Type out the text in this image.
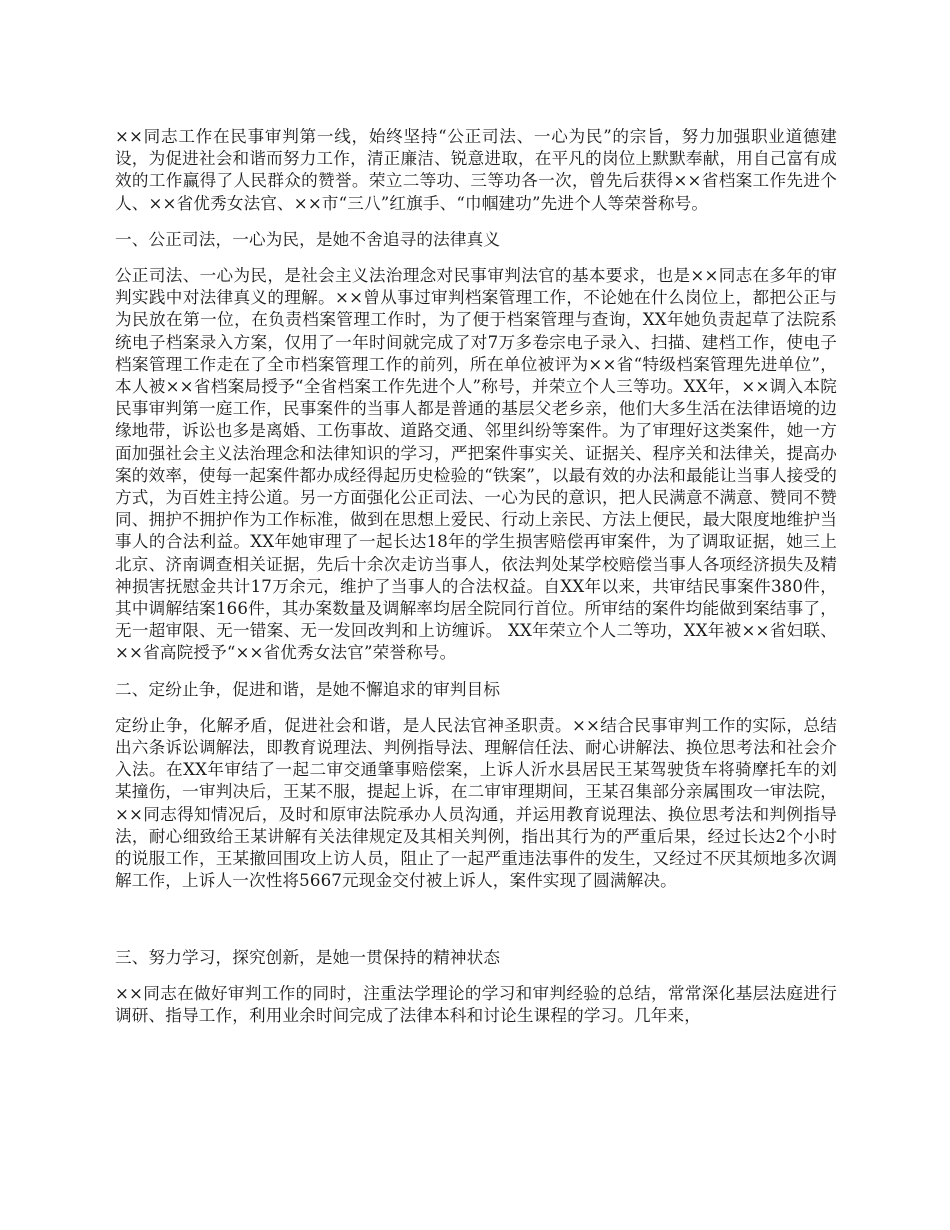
××同志工作在民事审判第一线，始终坚持“公正司法、一心为民”的宗旨，努力加强职业道德建设，为促进社会和谐而努力工作，清正廉洁、锐意进取，在平凡的岗位上默默奉献，用自己富有成效的工作赢得了人民群众的赞誉。荣立二等功、三等功各一次，曾先后获得××省档案工作先进个人、××省优秀女法官、××市“三八”红旗手、“巾帼建功”先进个人等荣誉称号。

一、公正司法，一心为民，是她不舍追寻的法律真义

公正司法、一心为民，是社会主义法治理念对民事审判法官的基本要求，也是××同志在多年的审判实践中对法律真义的理解。××曾从事过审判档案管理工作，不论她在什么岗位上，都把公正与为民放在第一位，在负责档案管理工作时，为了便于档案管理与查询，XX年她负责起草了法院系统电子档案录入方案，仅用了一年时间就完成了对7万多卷宗电子录入、扫描、建档工作，使电子档案管理工作走在了全市档案管理工作的前列，所在单位被评为××省“特级档案管理先进单位”，本人被××省档案局授予“全省档案工作先进个人”称号，并荣立个人三等功。XX年，××调入本院民事审判第一庭工作，民事案件的当事人都是普通的基层父老乡亲，他们大多生活在法律语境的边缘地带，诉讼也多是离婚、工伤事故、道路交通、邻里纠纷等案件。为了审理好这类案件，她一方面加强社会主义法治理念和法律知识的学习，严把案件事实关、证据关、程序关和法律关，提高办案的效率，使每一起案件都办成经得起历史检验的“铁案”，以最有效的办法和最能让当事人接受的方式，为百姓主持公道。另一方面强化公正司法、一心为民的意识，把人民满意不满意、赞同不赞同、拥护不拥护作为工作标准，做到在思想上爱民、行动上亲民、方法上便民，最大限度地维护当事人的合法利益。XX年她审理了一起长达18年的学生损害赔偿再审案件，为了调取证据，她三上北京、济南调查相关证据，先后十余次走访当事人，依法判处某学校赔偿当事人各项经济损失及精神损害抚慰金共计17万余元，维护了当事人的合法权益。自XX年以来，共审结民事案件380件，其中调解结案166件，其办案数量及调解率均居全院同行首位。所审结的案件均能做到案结事了，无一超审限、无一错案、无一发回改判和上访缠诉。 XX年荣立个人二等功，XX年被××省妇联、××省高院授予“××省优秀女法官”荣誉称号。

二、定纷止争，促进和谐，是她不懈追求的审判目标

定纷止争，化解矛盾，促进社会和谐，是人民法官神圣职责。××结合民事审判工作的实际，总结出六条诉讼调解法，即教育说理法、判例指导法、理解信任法、耐心讲解法、换位思考法和社会介入法。在XX年审结了一起二审交通肇事赔偿案，上诉人沂水县居民王某驾驶货车将骑摩托车的刘某撞伤，一审判决后，王某不服，提起上诉，在二审审理期间，王某召集部分亲属围攻一审法院，××同志得知情况后，及时和原审法院承办人员沟通，并运用教育说理法、换位思考法和判例指导法，耐心细致给王某讲解有关法律规定及其相关判例，指出其行为的严重后果，经过长达2个小时的说服工作，王某撤回围攻上访人员，阻止了一起严重违法事件的发生，又经过不厌其烦地多次调解工作，上诉人一次性将5667元现金交付被上诉人，案件实现了圆满解决。

三、努力学习，探究创新，是她一贯保持的精神状态

××同志在做好审判工作的同时，注重法学理论的学习和审判经验的总结，常常深化基层法庭进行调研、指导工作，利用业余时间完成了法律本科和讨论生课程的学习。几年来，
